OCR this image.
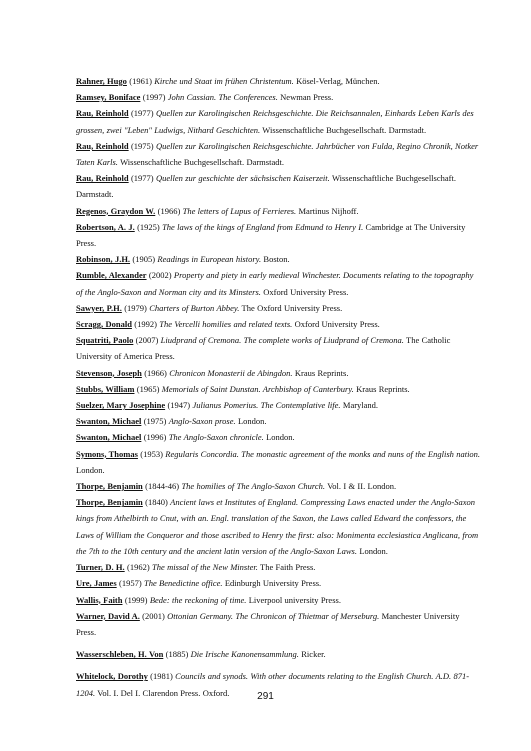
Rahner, Hugo (1961) Kirche und Staat im frühen Christentum. Kösel-Verlag, München.

Ramsey, Boniface (1997) John Cassian. The Conferences. Newman Press.

Rau, Reinhold (1977) Quellen zur Karolingischen Reichsgeschichte. Die Reichsannalen, Einhards Leben Karls des grossen, zwei "Leben" Ludwigs, Nithard Geschichten. Wissenschaftliche Buchgesellschaft. Darmstadt.

Rau, Reinhold (1975) Quellen zur Karolingischen Reichsgeschichte. Jahrbücher von Fulda, Regino Chronik, Notker Taten Karls. Wissenschaftliche Buchgesellschaft. Darmstadt.

Rau, Reinhold (1977) Quellen zur geschichte der sächsischen Kaiserzeit. Wissenschaftliche Buchgesellschaft. Darmstadt.

Regenos, Graydon W. (1966) The letters of Lupus of Ferrieres. Martinus Nijhoff.

Robertson, A. J. (1925) The laws of the kings of England from Edmund to Henry I. Cambridge at The University Press.

Robinson, J.H. (1905) Readings in European history. Boston.

Rumble, Alexander (2002) Property and piety in early medieval Winchester. Documents relating to the topography of the Anglo-Saxon and Norman city and its Minsters. Oxford University Press.

Sawyer, P.H. (1979) Charters of Burton Abbey. The Oxford University Press.

Scragg, Donald (1992) The Vercelli homilies and related texts. Oxford University Press.

Squatriti, Paolo (2007) Liudprand of Cremona. The complete works of Liudprand of Cremona. The Catholic University of America Press.

Stevenson, Joseph (1966) Chronicon Monasterii de Abingdon. Kraus Reprints.

Stubbs, William (1965) Memorials of Saint Dunstan. Archbishop of Canterbury. Kraus Reprints.

Suelzer, Mary Josephine (1947) Julianus Pomerius. The Contemplative life. Maryland.

Swanton, Michael (1975) Anglo-Saxon prose. London.

Swanton, Michael (1996) The Anglo-Saxon chronicle. London.

Symons, Thomas (1953) Regularis Concordia. The monastic agreement of the monks and nuns of the English nation. London.

Thorpe, Benjamin (1844-46) The homilies of The Anglo-Saxon Church. Vol. I & II. London.

Thorpe, Benjamin (1840) Ancient laws et Institutes of England. Compressing Laws enacted under the Anglo-Saxon kings from Athelbirth to Cnut, with an. Engl. translation of the Saxon, the Laws called Edward the confessors, the Laws of William the Conqueror and those ascribed to Henry the first: also: Monimenta ecclesiastica Anglicana, from the 7th to the 10th century and the ancient latin version of the Anglo-Saxon Laws. London.

Turner, D. H. (1962) The missal of the New Minster. The Faith Press.

Ure, James (1957) The Benedictine office. Edinburgh University Press.

Wallis, Faith (1999) Bede: the reckoning of time. Liverpool university Press.

Warner, David A. (2001) Ottonian Germany. The Chronicon of Thietmar of Merseburg. Manchester University Press.

Wasserschleben, H. Von (1885) Die Irische Kanonensammlung. Ricker.

Whitelock, Dorothy (1981) Councils and synods. With other documents relating to the English Church. A.D. 871-1204. Vol. I. Del I. Clarendon Press. Oxford.	291
